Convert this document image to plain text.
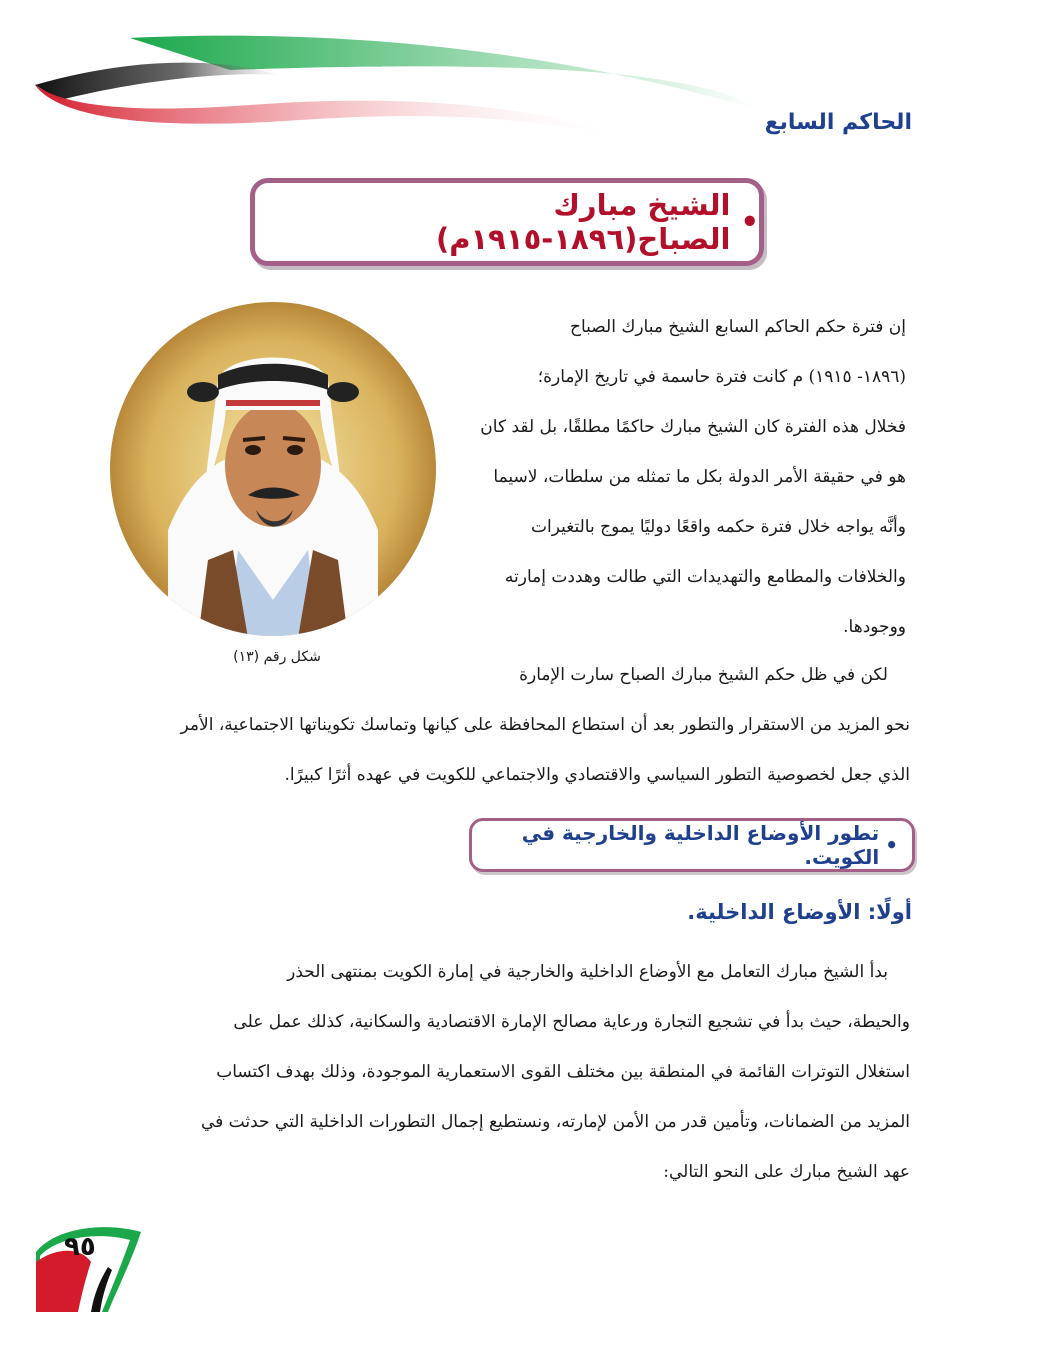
الحاكم السابع
•
الشيخ مبارك الصباح(١٨٩٦-١٩١٥م)
شكل رقم (١٣)
إن فترة حكم الحاكم السابع الشيخ مبارك الصباح
(١٨٩٦- ١٩١٥) م كانت فترة حاسمة في تاريخ الإمارة؛
فخلال هذه الفترة كان الشيخ مبارك حاكمًا مطلقًا، بل لقد كان
هو في حقيقة الأمر الدولة بكل ما تمثله من سلطات، لاسيما
وأنَّه يواجه خلال فترة حكمه واقعًا دوليًا يموج بالتغيرات
والخلافات والمطامع والتهديدات التي طالت وهددت إمارته
ووجودها.
لكن في ظل حكم الشيخ مبارك الصباح سارت الإمارة
نحو المزيد من الاستقرار والتطور بعد أن استطاع المحافظة على كيانها وتماسك تكويناتها الاجتماعية، الأمر
الذي جعل لخصوصية التطور السياسي والاقتصادي والاجتماعي للكويت في عهده أثرًا كبيرًا.
•
تطور الأوضاع الداخلية والخارجية في الكويت.
أولًا: الأوضاع الداخلية.
بدأ الشيخ مبارك التعامل مع الأوضاع الداخلية والخارجية في إمارة الكويت بمنتهى الحذر
والحيطة، حيث بدأ في تشجيع التجارة ورعاية مصالح الإمارة الاقتصادية والسكانية، كذلك عمل على
استغلال التوترات القائمة في المنطقة بين مختلف القوى الاستعمارية الموجودة، وذلك بهدف اكتساب
المزيد من الضمانات، وتأمين قدر من الأمن لإمارته، ونستطيع إجمال التطورات الداخلية التي حدثت في
عهد الشيخ مبارك على النحو التالي:
٩٥
